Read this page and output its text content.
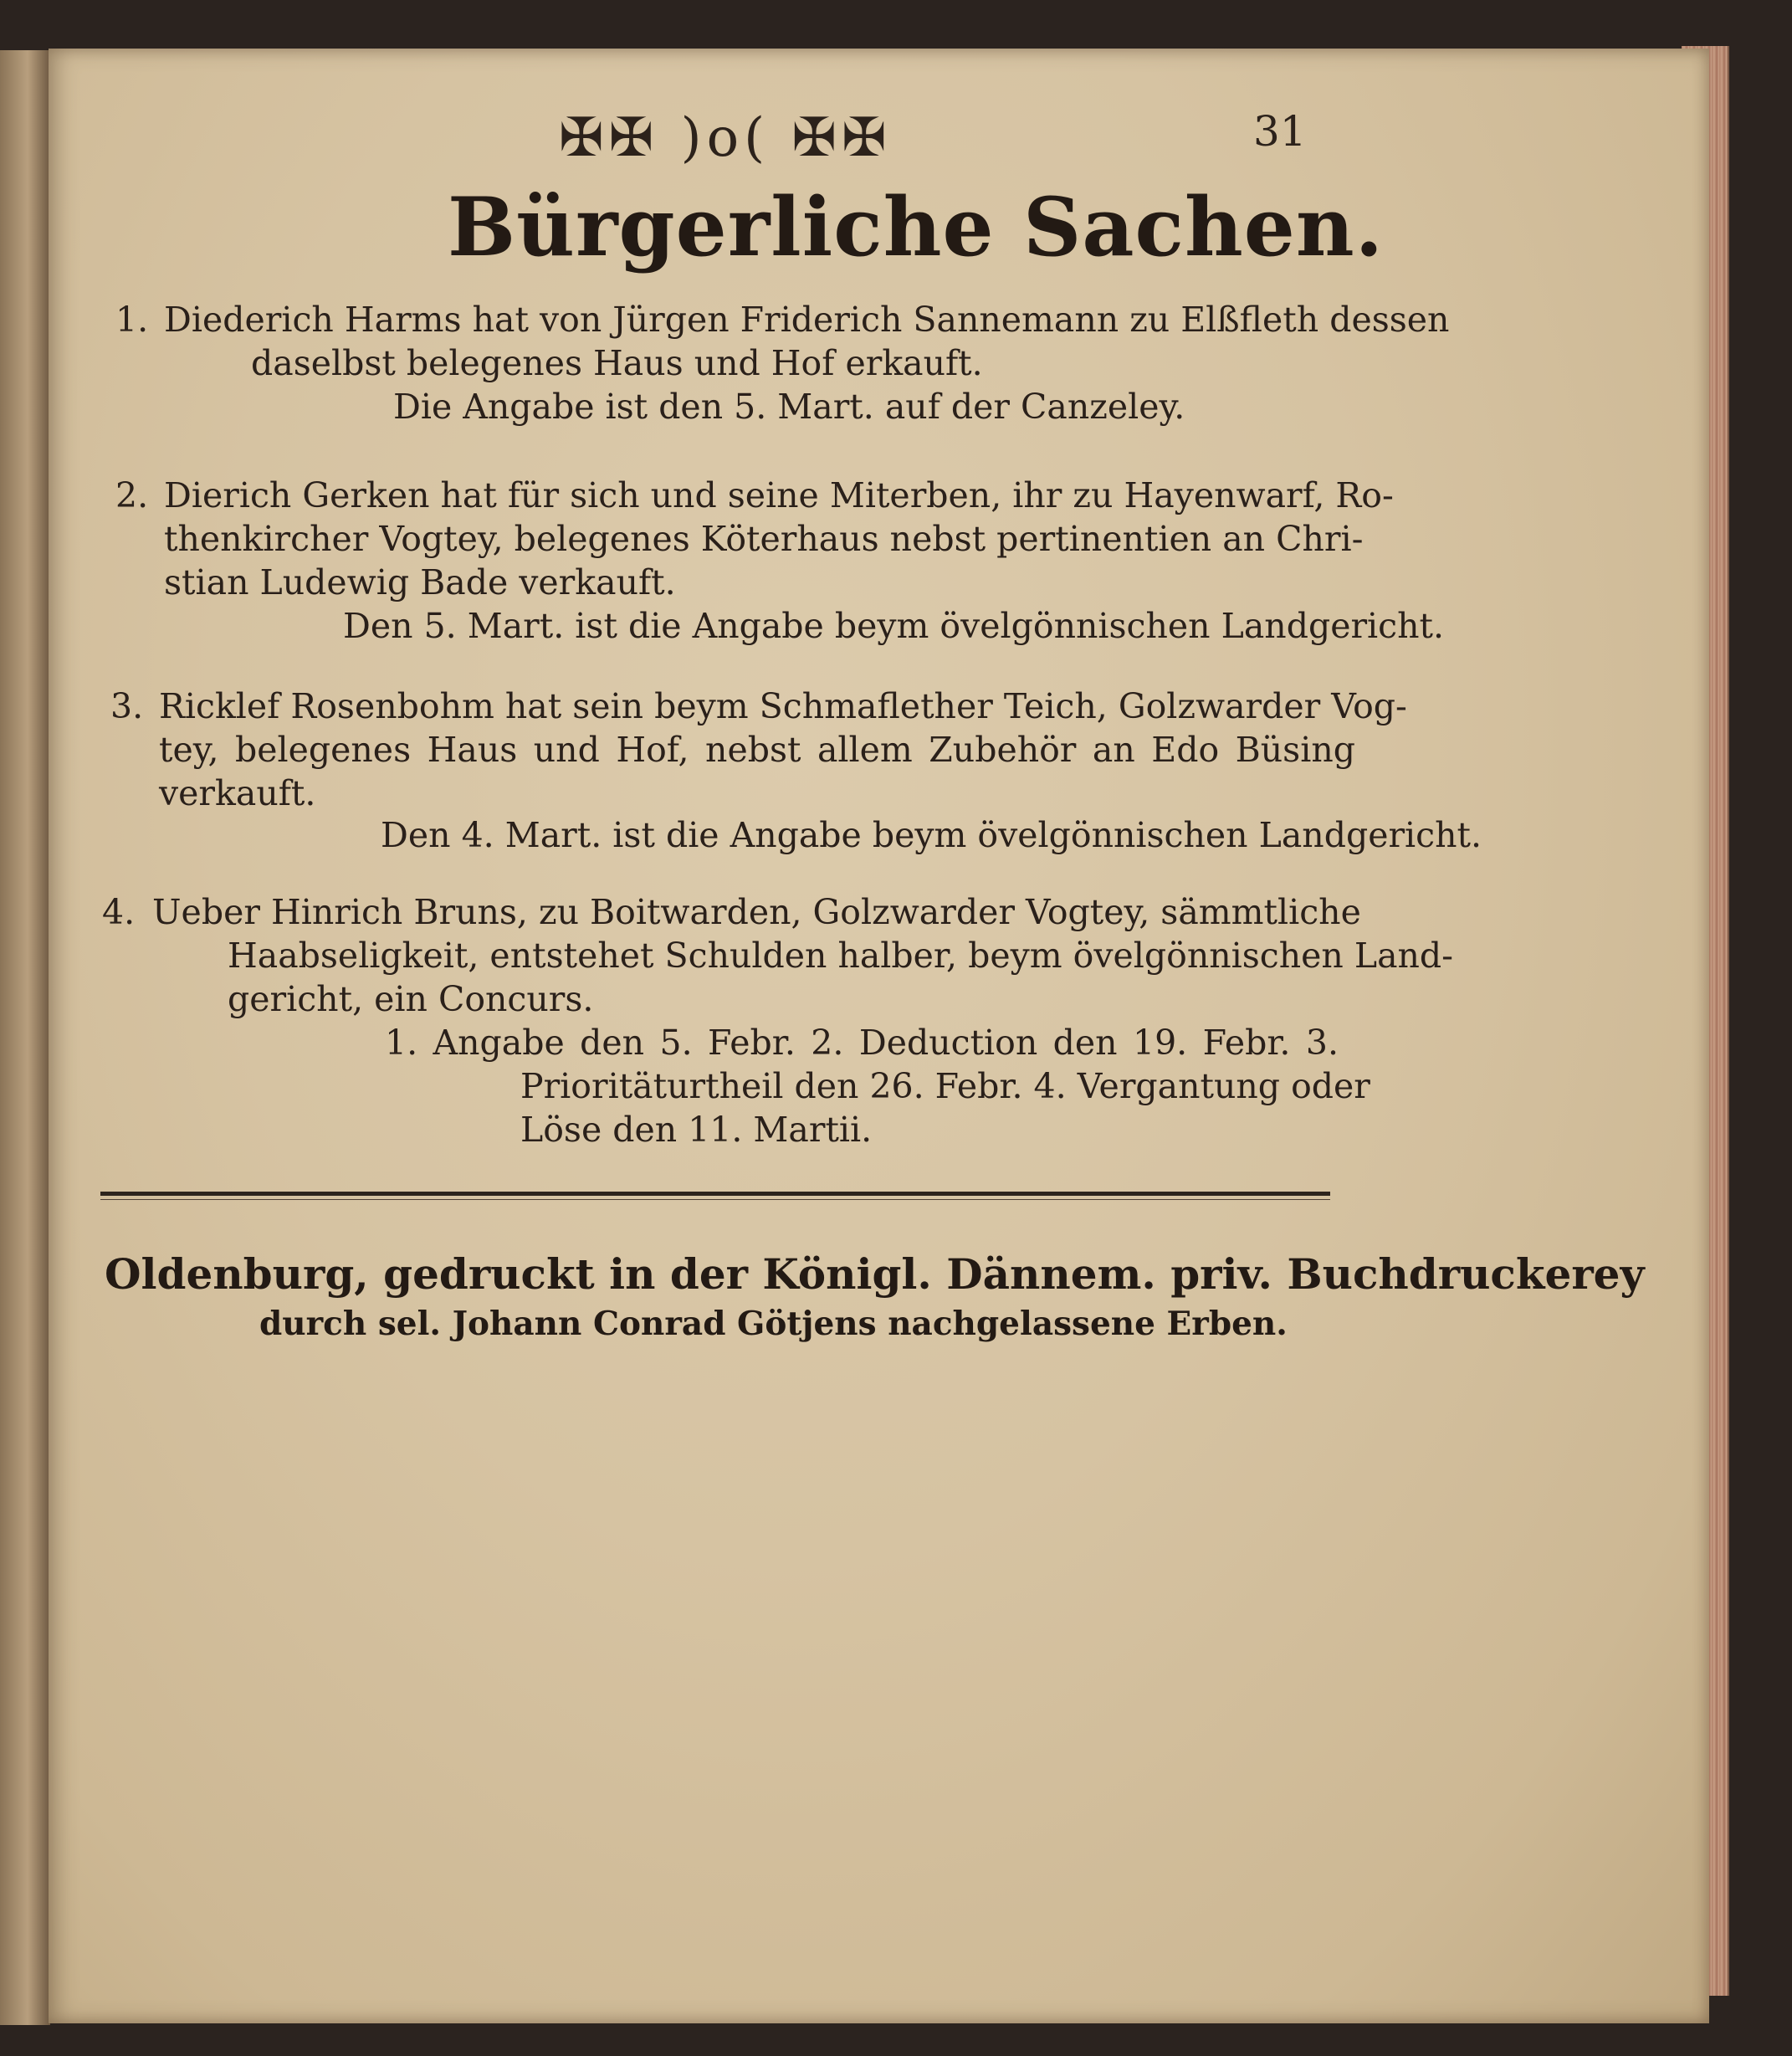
✠✠ )o( ✠✠	31
Bürgerliche Sachen.
1. Diederich Harms hat von Jürgen Friderich Sannemann zu Elßfleth dessen
daselbst belegenes Haus und Hof erkauft.
Die Angabe ist den 5. Mart. auf der Canzeley.
2. Dierich Gerken hat für sich und seine Miterben, ihr zu Hayenwarf, Ro-
thenkircher Vogtey, belegenes Köterhaus nebst pertinentien an Chri-
stian Ludewig Bade verkauft.
Den 5. Mart. ist die Angabe beym övelgönnischen Landgericht.
3. Ricklef Rosenbohm hat sein beym Schmaflether Teich, Golzwarder Vog-
tey, belegenes Haus und Hof, nebst allem Zubehör an Edo Büsing
verkauft.
Den 4. Mart. ist die Angabe beym övelgönnischen Landgericht.
4. Ueber Hinrich Bruns, zu Boitwarden, Golzwarder Vogtey, sämmtliche
Haabseligkeit, entstehet Schulden halber, beym övelgönnischen Land-
gericht, ein Concurs.
1. Angabe den 5. Febr. 2. Deduction den 19. Febr. 3.
Prioritäturtheil den 26. Febr. 4. Vergantung oder
Löse den 11. Martii.
Oldenburg, gedruckt in der Königl. Dännem. priv. Buchdruckerey
durch sel. Johann Conrad Götjens nachgelassene Erben.
